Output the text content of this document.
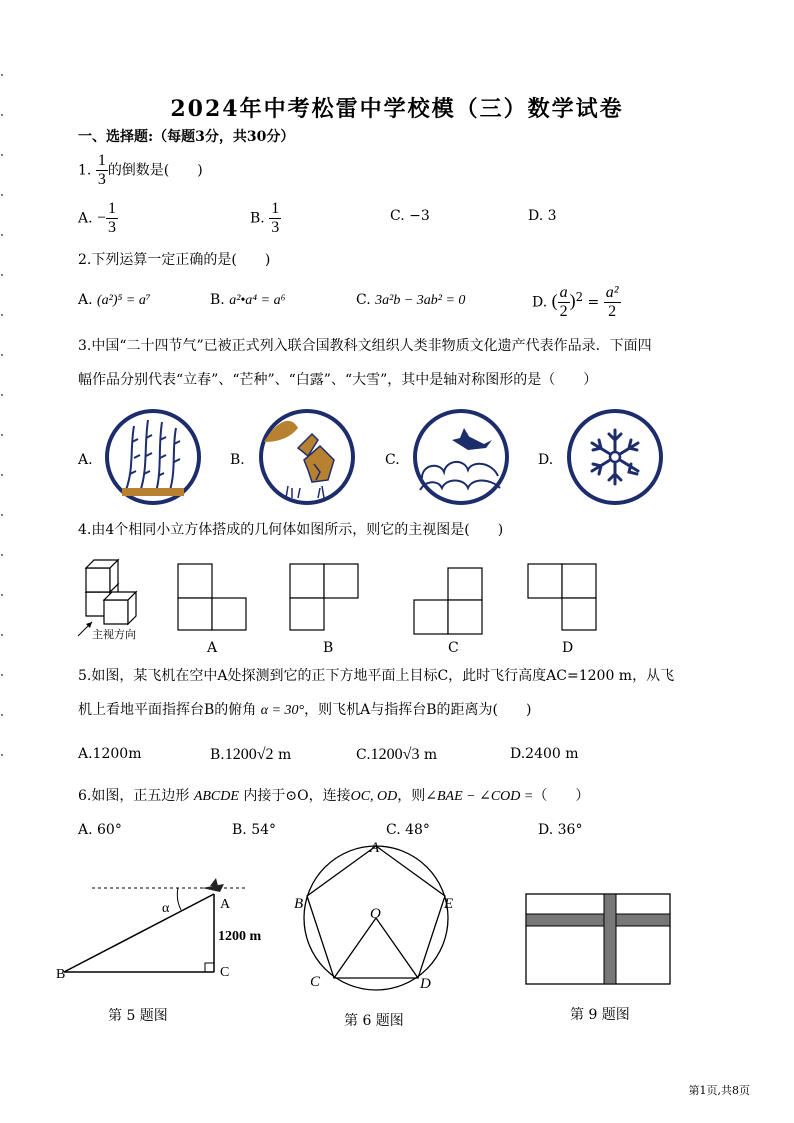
2024年中考松雷中学校模（三）数学试卷
一、选择题:（每题3分，共30分）
1. $\frac{1}{3}$ 的倒数是(　　)
A. − $\frac{1}{3}$	B. $\frac{1}{3}$	C. −3	D. 3
2.下列运算一定正确的是(　　)
A. (a²)⁵ = a⁷	B. a²•a⁴ = a⁶	C. 3a²b − 3ab² = 0	D. ( $\frac{a}{2} )^2 = \frac{\text{a²}}{2}$
3.中国“二十四节气”已被正式列入联合国教科文组织人类非物质文化遗产代表作品录．下面四
幅作品分别代表“立春”、“芒种”、“白露”、“大雪”，其中是轴对称图形的是（　　）
A.	B.	C.	D.
4.由4个相同小立方体搭成的几何体如图所示，则它的主视图是(　　)
主视方向
A	B	C	D
5.如图，某飞机在空中A处探测到它的正下方地平面上目标C，此时飞行高度AC=1200 m，从飞
机上看地平面指挥台B的俯角 α = 30°，则飞机A与指挥台B的距离为(　　)
A.1200m	B.1200√2 m	C.1200√3 m	D.2400 m
6.如图，正五边形 ABCDE 内接于⊙O，连接OC, OD，则∠BAE − ∠COD =（　　）
A. 60°	B. 54°	C. 48°	D. 36°
α	A
B	C
1200 m
第 5 题图
A
B
C	D
E
O
第 6 题图	第 9 题图
第1页,共8页
